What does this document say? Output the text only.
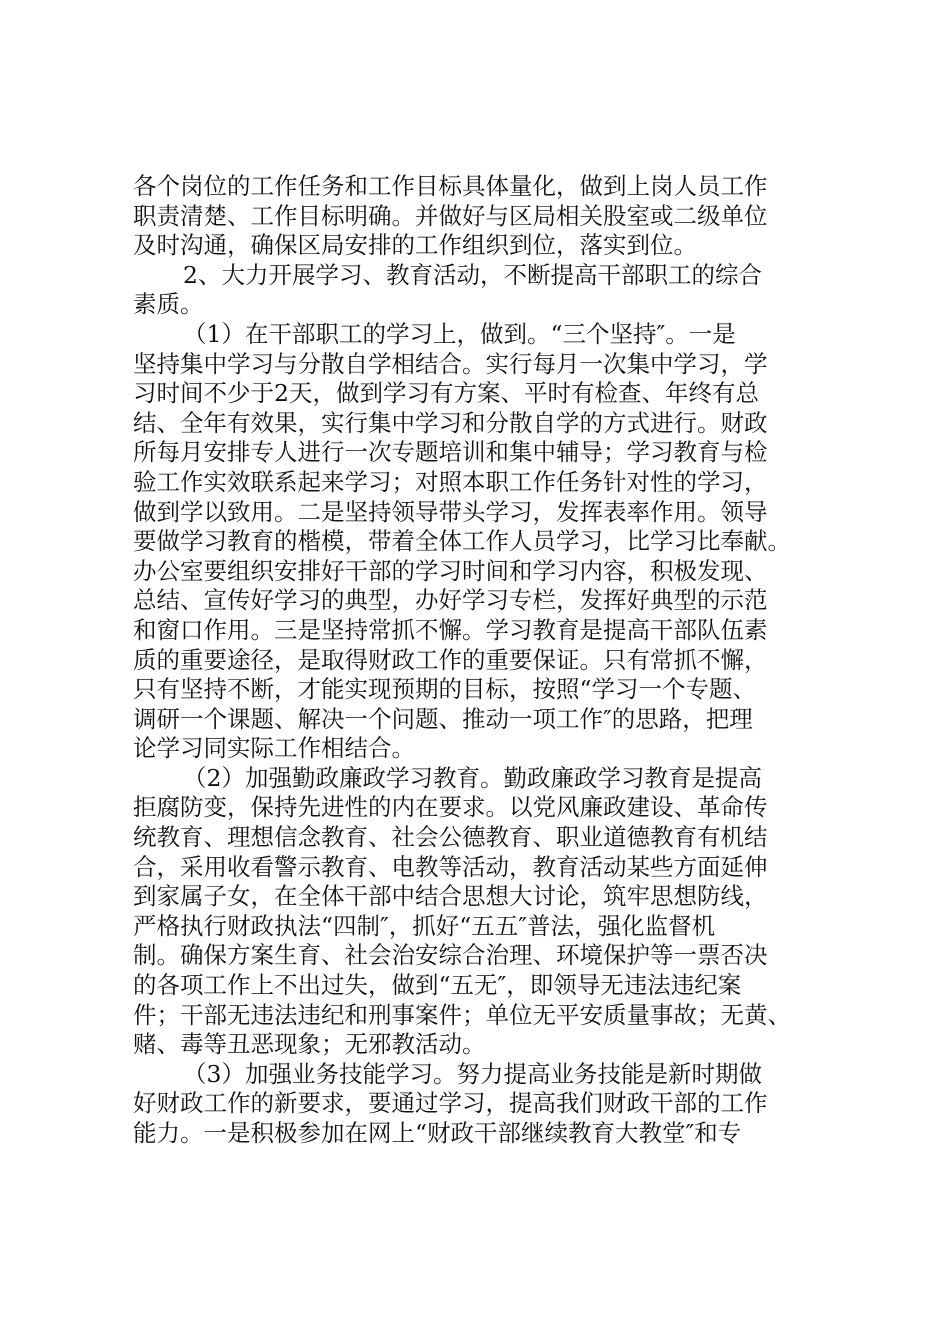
各个岗位的工作任务和工作目标具体量化，做到上岗人员工作
职责清楚、工作目标明确。并做好与区局相关股室或二级单位
及时沟通，确保区局安排的工作组织到位，落实到位。
2、大力开展学习、教育活动，不断提高干部职工的综合
素质。
（1）在干部职工的学习上，做到。“三个坚持″。一是
坚持集中学习与分散自学相结合。实行每月一次集中学习，学
习时间不少于2天，做到学习有方案、平时有检查、年终有总
结、全年有效果，实行集中学习和分散自学的方式进行。财政
所每月安排专人进行一次专题培训和集中辅导；学习教育与检
验工作实效联系起来学习；对照本职工作任务针对性的学习，
做到学以致用。二是坚持领导带头学习，发挥表率作用。领导
要做学习教育的楷模，带着全体工作人员学习，比学习比奉献。
办公室要组织安排好干部的学习时间和学习内容，积极发现、
总结、宣传好学习的典型，办好学习专栏，发挥好典型的示范
和窗口作用。三是坚持常抓不懈。学习教育是提高干部队伍素
质的重要途径，是取得财政工作的重要保证。只有常抓不懈，
只有坚持不断，才能实现预期的目标，按照“学习一个专题、
调研一个课题、解决一个问题、推动一项工作″的思路，把理
论学习同实际工作相结合。
（2）加强勤政廉政学习教育。勤政廉政学习教育是提高
拒腐防变，保持先进性的内在要求。以党风廉政建设、革命传
统教育、理想信念教育、社会公德教育、职业道德教育有机结
合，采用收看警示教育、电教等活动，教育活动某些方面延伸
到家属子女，在全体干部中结合思想大讨论，筑牢思想防线，
严格执行财政执法“四制″，抓好“五五″普法，强化监督机
制。确保方案生育、社会治安综合治理、环境保护等一票否决
的各项工作上不出过失，做到“五无″，即领导无违法违纪案
件；干部无违法违纪和刑事案件；单位无平安质量事故；无黄、
赌、毒等丑恶现象；无邪教活动。
（3）加强业务技能学习。努力提高业务技能是新时期做
好财政工作的新要求，要通过学习，提高我们财政干部的工作
能力。一是积极参加在网上“财政干部继续教育大教堂″和专
